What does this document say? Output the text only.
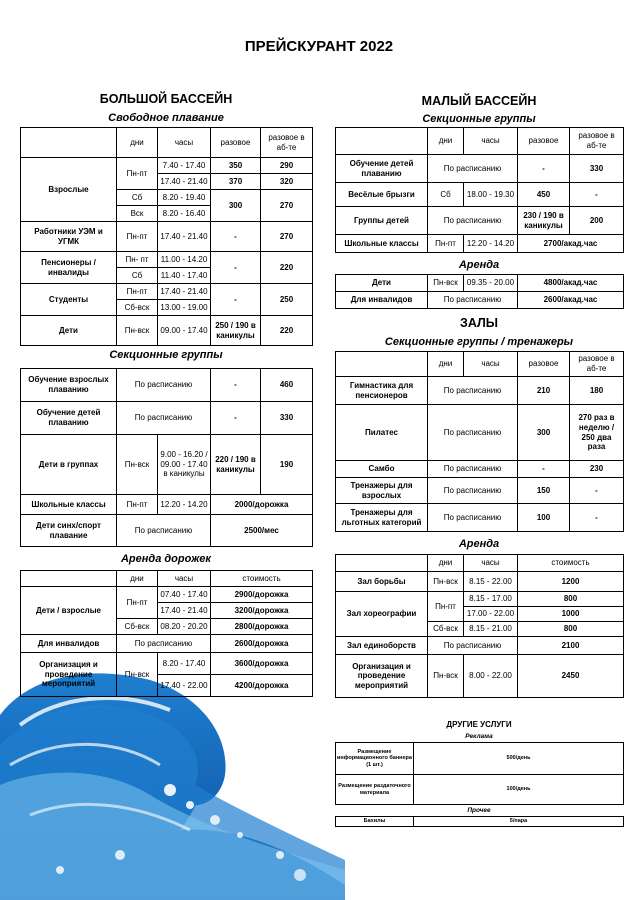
ПРЕЙСКУРАНТ 2022
БОЛЬШОЙ БАССЕЙН
Свободное плавание
	дни	часы	разовое	разовое в аб-те
Взрослые	Пн-пт	7.40 - 17.40	350	290
		17.40 - 21.40	370	320
	Сб	8.20 - 19.40	300	270
	Вск	8.20 - 16.40		
Работники УЭМ и УГМК	Пн-пт	17.40 - 21.40	-	270
Пенсионеры / инвалиды	Пн- пт	11.00 - 14.20	-	220
	Сб	11.40 - 17.40		
Студенты	Пн-пт	17.40 - 21.40	-	250
	Сб-вск	13.00 - 19.00		
Дети	Пн-вск	09.00 - 17.40	250 / 190 в каникулы	220
Секционные группы
Обучение взрослых плаванию	По расписанию		-	460
Обучение детей плаванию	По расписанию		-	330
Дети в группах	Пн-вск	9.00 - 16.20 / 09.00 - 17.40 в каникулы	220 / 190 в каникулы	190
Школьные классы	Пн-пт	12.20 - 14.20	2000/дорожка	
Дети синх/спорт плавание	По расписанию		2500/мес	
Аренда дорожек
	дни	часы	стоимость
Дети / взрослые	Пн-пт	07.40 - 17.40	2900/дорожка
		17.40 - 21.40	3200/дорожка
	Сб-вск	08.20 - 20.20	2800/дорожка
Для инвалидов	По расписанию		2600/дорожка
Организация и проведение мероприятий	Пн-вск	8.20 - 17.40	3600/дорожка
		17.40 - 22.00	4200/дорожка
МАЛЫЙ БАССЕЙН
Секционные группы
	дни	часы	разовое	разовое в аб-те
Обучение детей плаванию	По расписанию		-	330
Весёлые брызги	Сб	18.00 - 19.30	450	-
Группы детей	По расписанию		230 / 190 в каникулы	200
Школьные классы	Пн-пт	12.20 - 14.20	2700/акад.час	
Аренда
Дети	Пн-вск	09.35 - 20.00	4800/акад.час
Для инвалидов	По расписанию		2600/акад.час
ЗАЛЫ
Секционные группы / тренажеры
	дни	часы	разовое	разовое в аб-те
Гимнастика для пенсионеров	По расписанию		210	180
Пилатес	По расписанию		300	270 раз в неделю / 250 два раза
Самбо	По расписанию		-	230
Тренажеры для взрослых	По расписанию		150	-
Тренажеры для льготных категорий	По расписанию		100	-
Аренда
	дни	часы	стоимость
Зал борьбы	Пн-вск	8.15 - 22.00	1200
Зал хореографии	Пн-пт	8.15 - 17.00	800
		17.00 - 22.00	1000
	Сб-вск	8.15 - 21.00	800
Зал единоборств	По расписанию		2100
Организация и проведение мероприятий	Пн-вск	8.00 - 22.00	2450
ДРУГИЕ УСЛУГИ
Реклама
Размещение информационного баннера (1 шт.)	500/день
Размещение раздаточного материала	100/день
Прочее
Бахилы	5/пара
